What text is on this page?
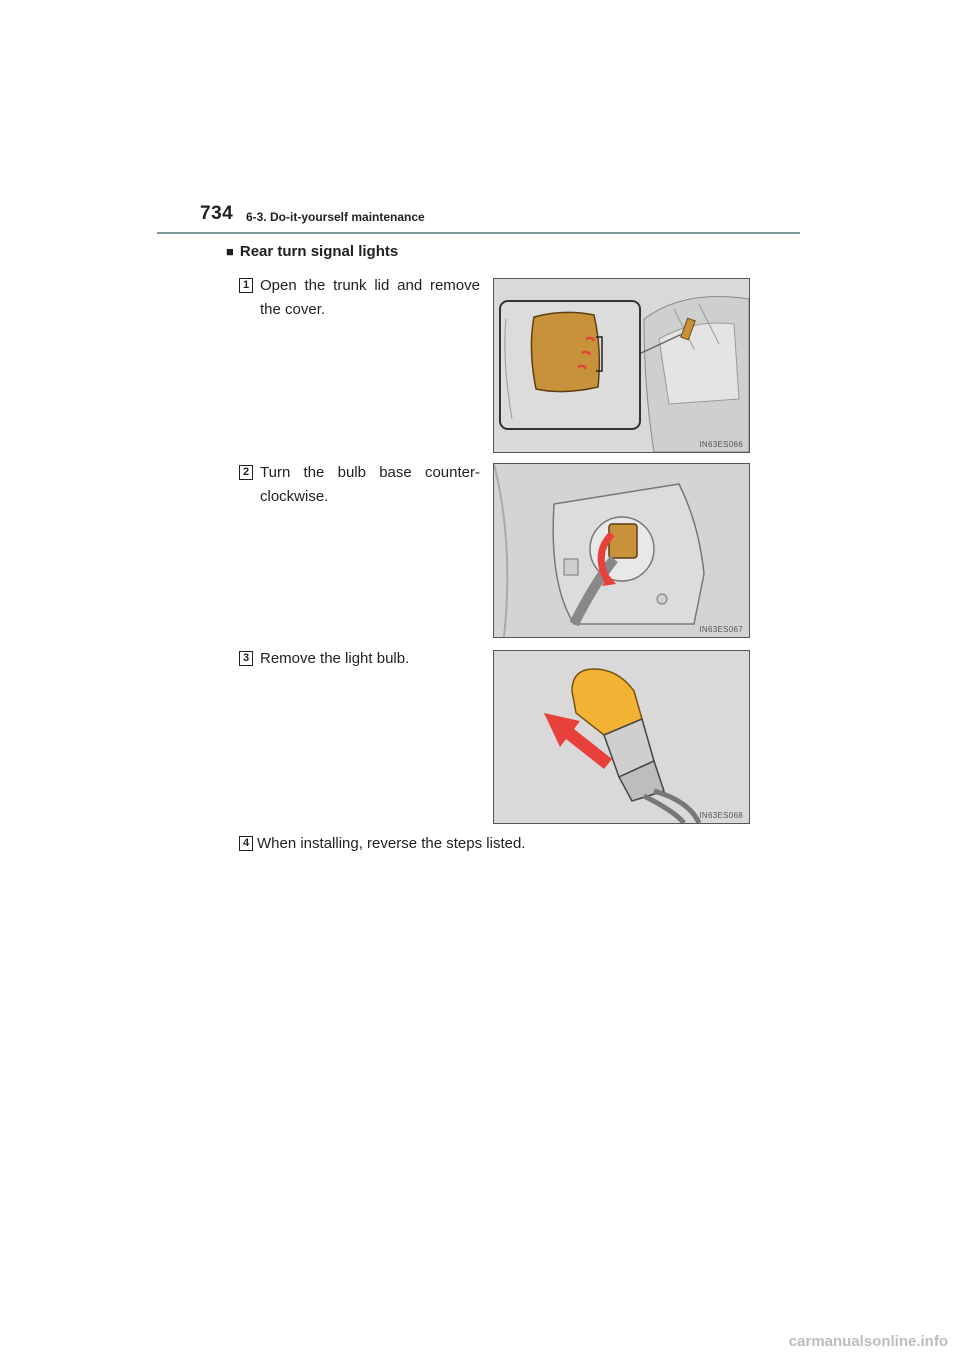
734 6-3. Do-it-yourself maintenance
■ Rear turn signal lights
1 Open the trunk lid and remove the cover.
IN63ES066
2 Turn the bulb base counter-clockwise.
IN63ES067
3 Remove the light bulb.
IN63ES068
4 When installing, reverse the steps listed.
carmanualsonline.info
